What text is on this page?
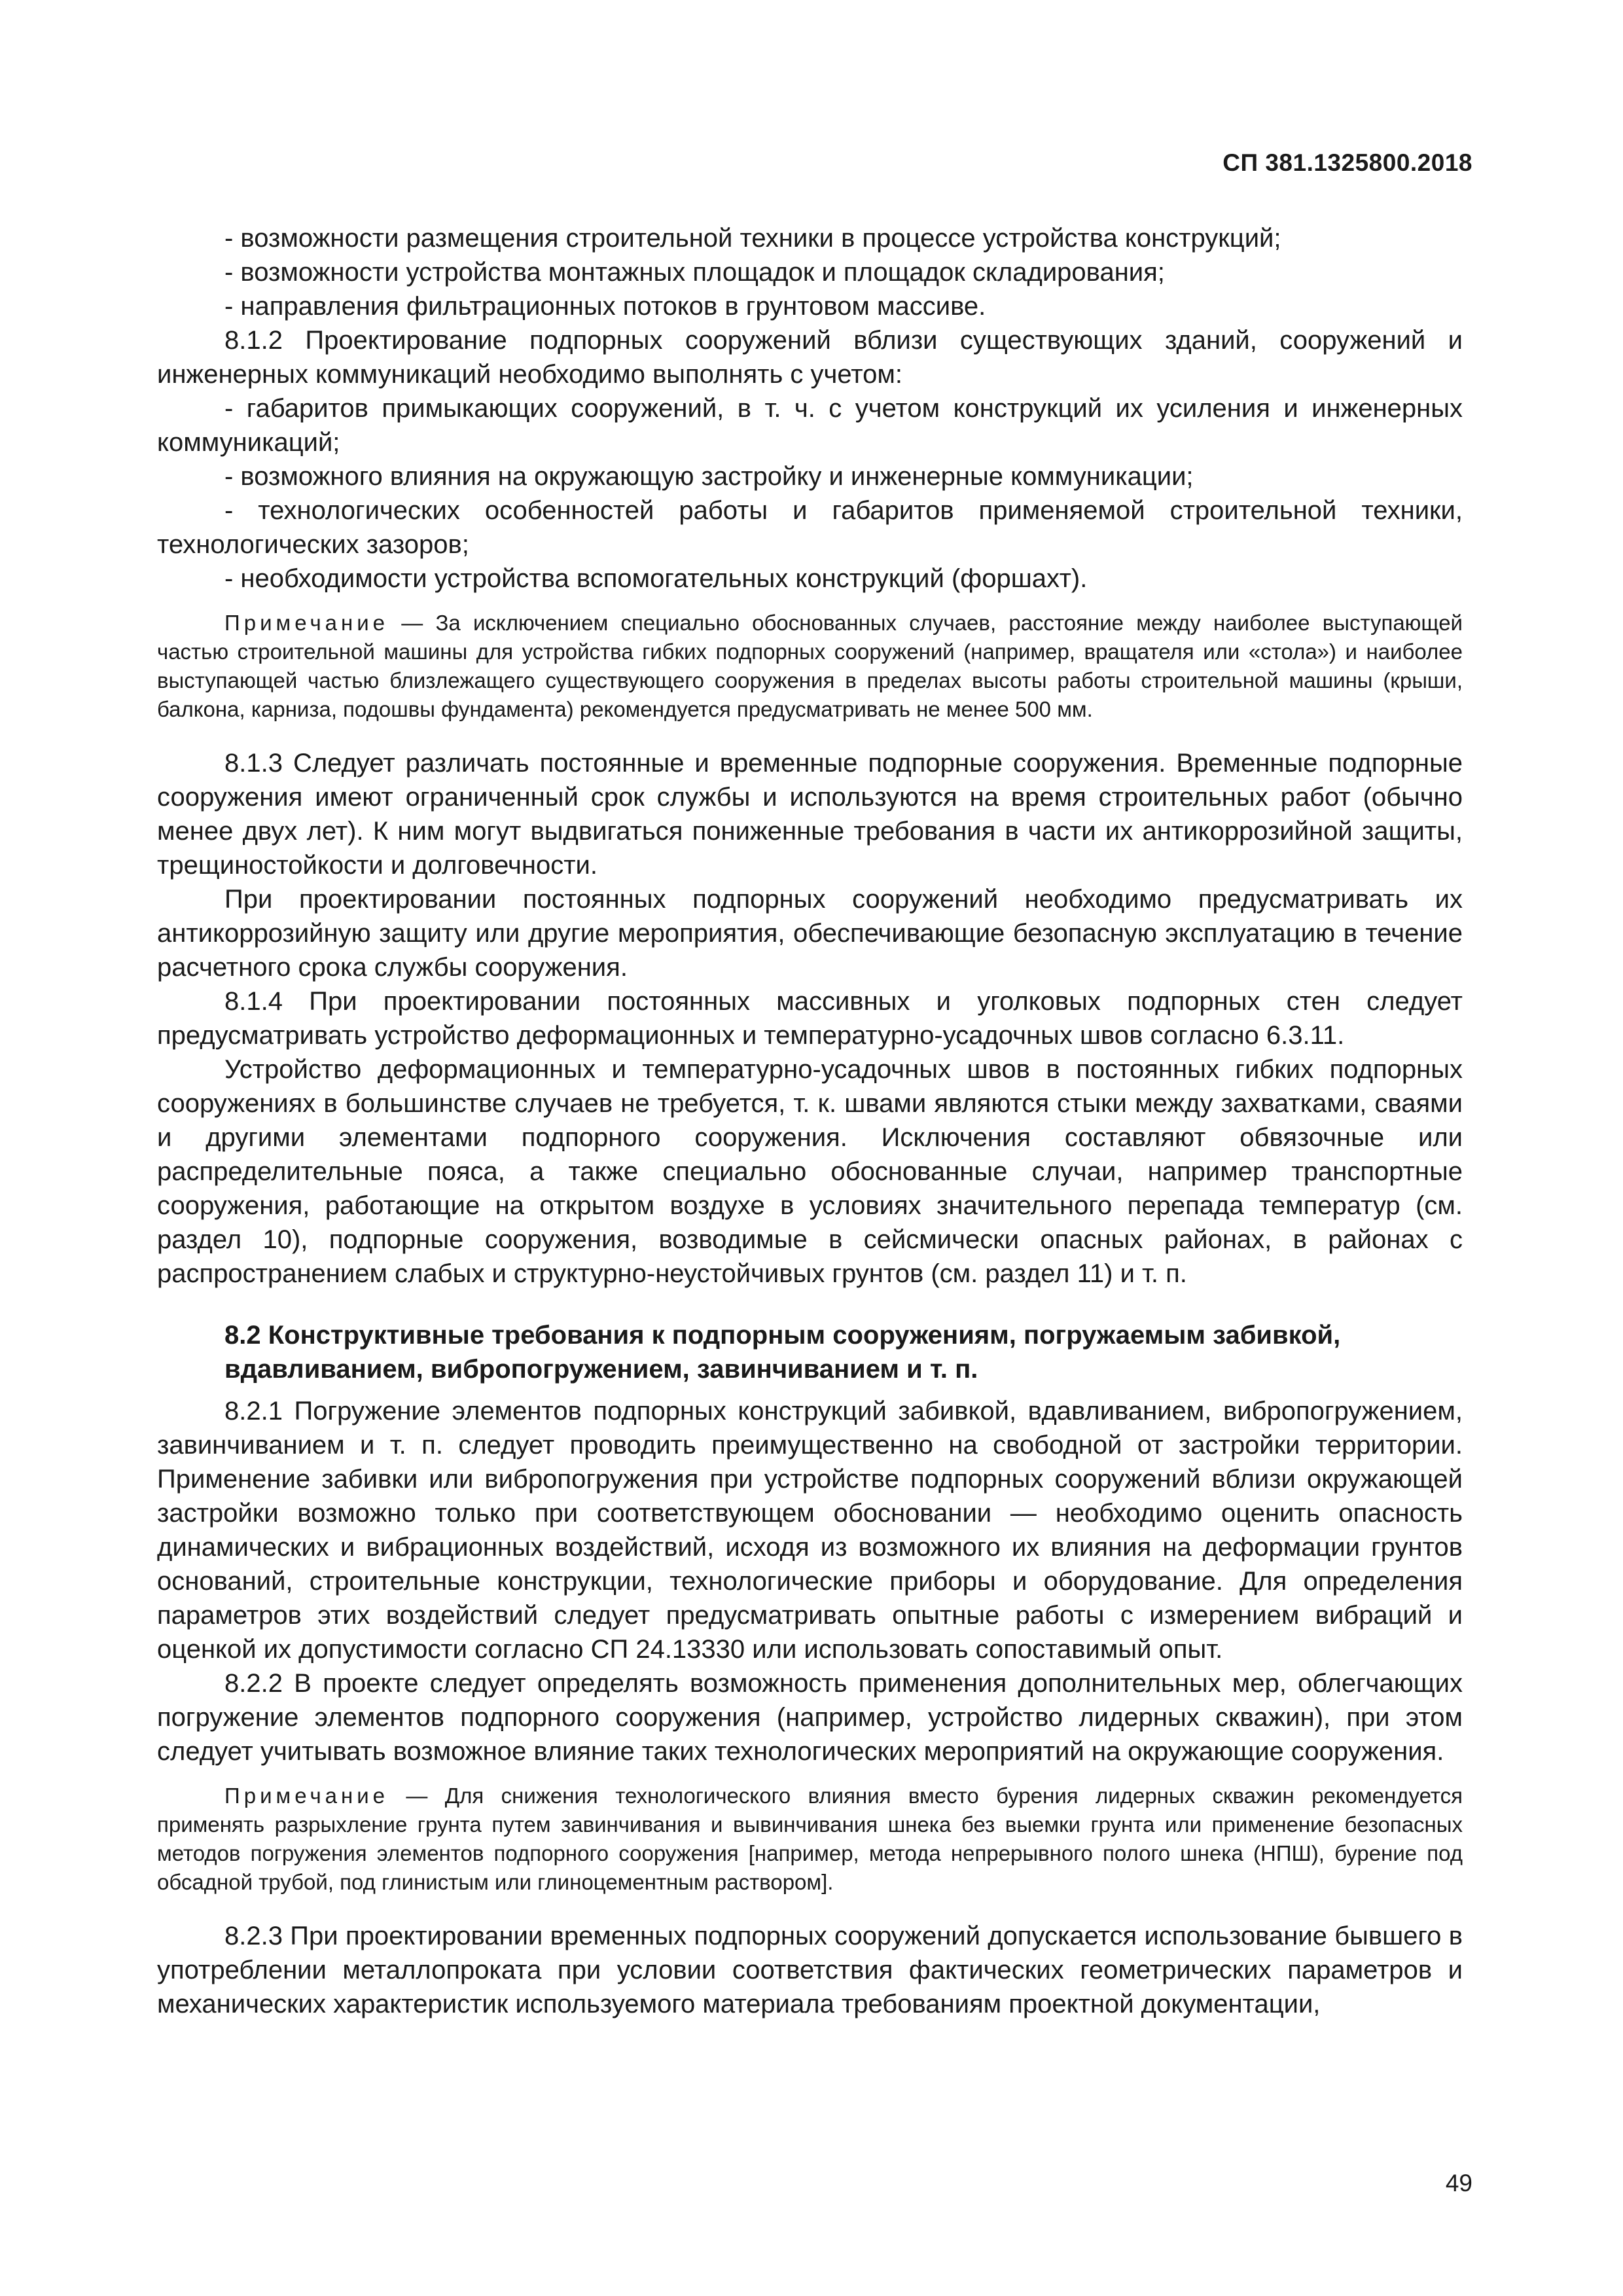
СП 381.1325800.2018

- возможности размещения строительной техники в процессе устройства конструкций;

- возможности устройства монтажных площадок и площадок складирования;

- направления фильтрационных потоков в грунтовом массиве.

8.1.2 Проектирование подпорных сооружений вблизи существующих зданий, сооружений и инженерных коммуникаций необходимо выполнять с учетом:

- габаритов примыкающих сооружений, в т. ч. с учетом конструкций их усиления и инженерных коммуникаций;

- возможного влияния на окружающую застройку и инженерные коммуникации;

- технологических особенностей работы и габаритов применяемой строительной техники, технологических зазоров;

- необходимости устройства вспомогательных конструкций (форшахт).

Примечание — За исключением специально обоснованных случаев, расстояние между наиболее выступающей частью строительной машины для устройства гибких подпорных сооружений (например, вращателя или «стола») и наиболее выступающей частью близлежащего существующего сооружения в пределах высоты работы строительной машины (крыши, балкона, карниза, подошвы фундамента) рекомендуется предусматривать не менее 500 мм.

8.1.3 Следует различать постоянные и временные подпорные сооружения. Временные подпорные сооружения имеют ограниченный срок службы и используются на время строительных работ (обычно менее двух лет). К ним могут выдвигаться пониженные требования в части их антикоррозийной защиты, трещиностойкости и долговечности.

При проектировании постоянных подпорных сооружений необходимо предусматривать их антикоррозийную защиту или другие мероприятия, обеспечивающие безопасную эксплуатацию в течение расчетного срока службы сооружения.

8.1.4 При проектировании постоянных массивных и уголковых подпорных стен следует предусматривать устройство деформационных и температурно-усадочных швов согласно 6.3.11.

Устройство деформационных и температурно-усадочных швов в постоянных гибких подпорных сооружениях в большинстве случаев не требуется, т. к. швами являются стыки между захватками, сваями и другими элементами подпорного сооружения. Исключения составляют обвязочные или распределительные пояса, а также специально обоснованные случаи, например транспортные сооружения, работающие на открытом воздухе в условиях значительного перепада температур (см. раздел 10), подпорные сооружения, возводимые в сейсмически опасных районах, в районах с распространением слабых и структурно-неустойчивых грунтов (см. раздел 11) и т. п.

8.2 Конструктивные требования к подпорным сооружениям, погружаемым забивкой, вдавливанием, вибропогружением, завинчиванием и т. п.

8.2.1 Погружение элементов подпорных конструкций забивкой, вдавливанием, вибропогружением, завинчиванием и т. п. следует проводить преимущественно на свободной от застройки территории. Применение забивки или вибропогружения при устройстве подпорных сооружений вблизи окружающей застройки возможно только при соответствующем обосновании — необходимо оценить опасность динамических и вибрационных воздействий, исходя из возможного их влияния на деформации грунтов оснований, строительные конструкции, технологические приборы и оборудование. Для определения параметров этих воздействий следует предусматривать опытные работы с измерением вибраций и оценкой их допустимости согласно СП 24.13330 или использовать сопоставимый опыт.

8.2.2 В проекте следует определять возможность применения дополнительных мер, облегчающих погружение элементов подпорного сооружения (например, устройство лидерных скважин), при этом следует учитывать возможное влияние таких технологических мероприятий на окружающие сооружения.

Примечание — Для снижения технологического влияния вместо бурения лидерных скважин рекомендуется применять разрыхление грунта путем завинчивания и вывинчивания шнека без выемки грунта или применение безопасных методов погружения элементов подпорного сооружения [например, метода непрерывного полого шнека (НПШ), бурение под обсадной трубой, под глинистым или глиноцементным раствором].

8.2.3 При проектировании временных подпорных сооружений допускается использование бывшего в употреблении металлопроката при условии соответствия фактических геометрических параметров и механических характеристик используемого материала требованиям проектной документации,

49
